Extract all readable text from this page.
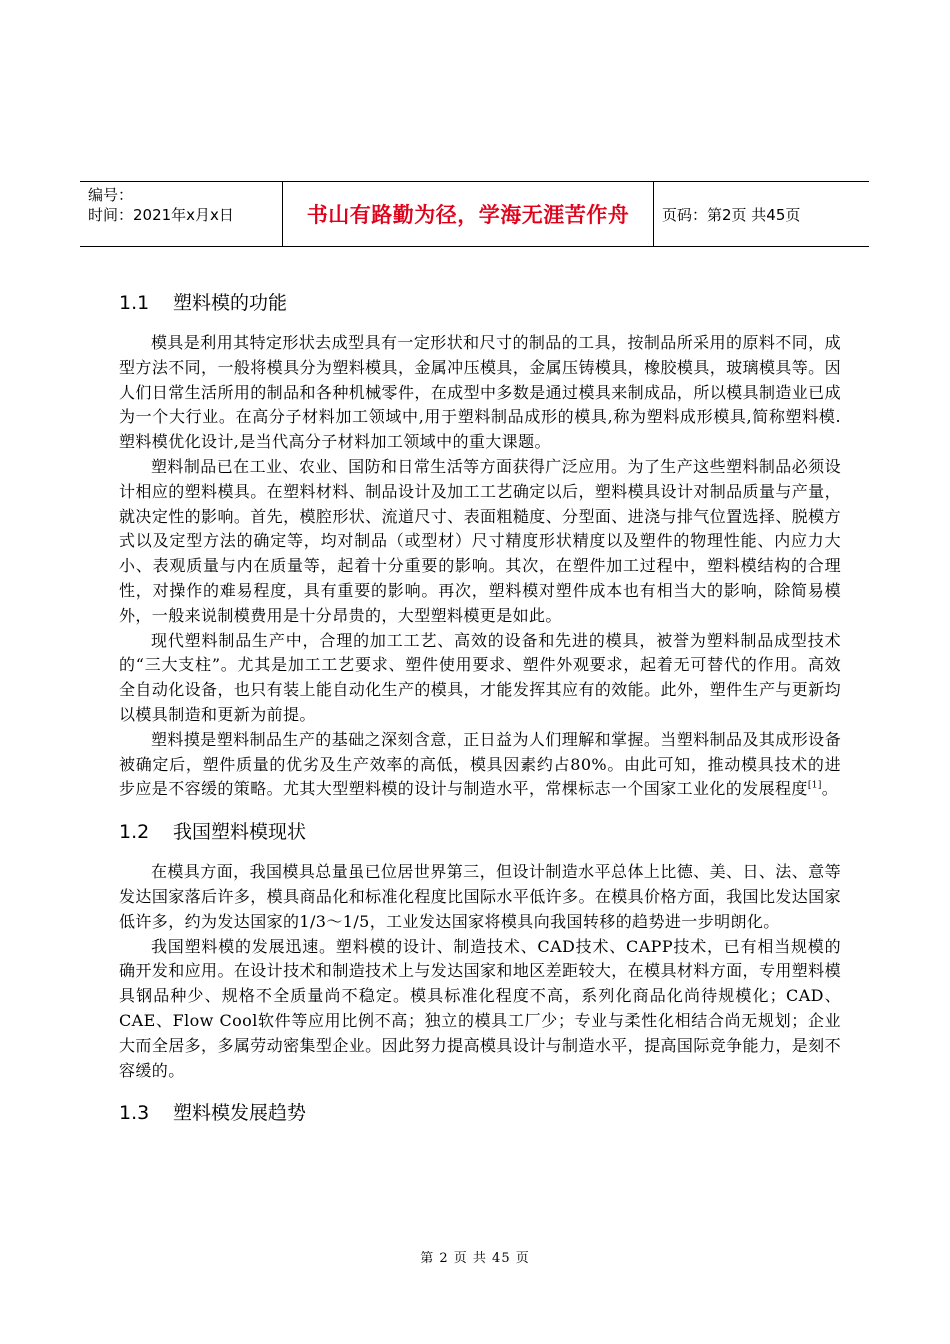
编号：
时间：2021年x月x日	书山有路勤为径，学海无涯苦作舟	页码：第2页 共45页
1.1 塑料模的功能

模具是利用其特定形状去成型具有一定形状和尺寸的制品的工具，按制品所采用的原料不同，成型方法不同，一般将模具分为塑料模具，金属冲压模具，金属压铸模具，橡胶模具，玻璃模具等。因人们日常生活所用的制品和各种机械零件，在成型中多数是通过模具来制成品，所以模具制造业已成为一个大行业。在高分子材料加工领域中,用于塑料制品成形的模具,称为塑料成形模具,简称塑料模.塑料模优化设计,是当代高分子材料加工领域中的重大课题。

塑料制品已在工业、农业、国防和日常生活等方面获得广泛应用。为了生产这些塑料制品必须设计相应的塑料模具。在塑料材料、制品设计及加工工艺确定以后，塑料模具设计对制品质量与产量，就决定性的影响。首先，模腔形状、流道尺寸、表面粗糙度、分型面、进浇与排气位置选择、脱模方式以及定型方法的确定等，均对制品（或型材）尺寸精度形状精度以及塑件的物理性能、内应力大小、表观质量与内在质量等，起着十分重要的影响。其次，在塑件加工过程中，塑料模结构的合理性，对操作的难易程度，具有重要的影响。再次，塑料模对塑件成本也有相当大的影响，除简易模外，一般来说制模费用是十分昂贵的，大型塑料模更是如此。

现代塑料制品生产中，合理的加工工艺、高效的设备和先进的模具，被誉为塑料制品成型技术的“三大支柱”。尤其是加工工艺要求、塑件使用要求、塑件外观要求，起着无可替代的作用。高效全自动化设备，也只有装上能自动化生产的模具，才能发挥其应有的效能。此外，塑件生产与更新均以模具制造和更新为前提。

塑料摸是塑料制品生产的基础之深刻含意，正日益为人们理解和掌握。当塑料制品及其成形设备被确定后，塑件质量的优劣及生产效率的高低，模具因素约占80%。由此可知，推动模具技术的进步应是不容缓的策略。尤其大型塑料模的设计与制造水平，常棵标志一个国家工业化的发展程度[1]。

1.2 我国塑料模现状

在模具方面，我国模具总量虽已位居世界第三，但设计制造水平总体上比德、美、日、法、意等发达国家落后许多，模具商品化和标准化程度比国际水平低许多。在模具价格方面，我国比发达国家低许多，约为发达国家的1/3～1/5，工业发达国家将模具向我国转移的趋势进一步明朗化。

我国塑料模的发展迅速。塑料模的设计、制造技术、CAD技术、CAPP技术，已有相当规模的确开发和应用。在设计技术和制造技术上与发达国家和地区差距较大，在模具材料方面，专用塑料模具钢品种少、规格不全质量尚不稳定。模具标准化程度不高，系列化商品化尚待规模化；CAD、CAE、Flow Cool软件等应用比例不高；独立的模具工厂少；专业与柔性化相结合尚无规划；企业大而全居多，多属劳动密集型企业。因此努力提高模具设计与制造水平，提高国际竞争能力，是刻不容缓的。

1.3 塑料模发展趋势
第 2 页 共 45 页
